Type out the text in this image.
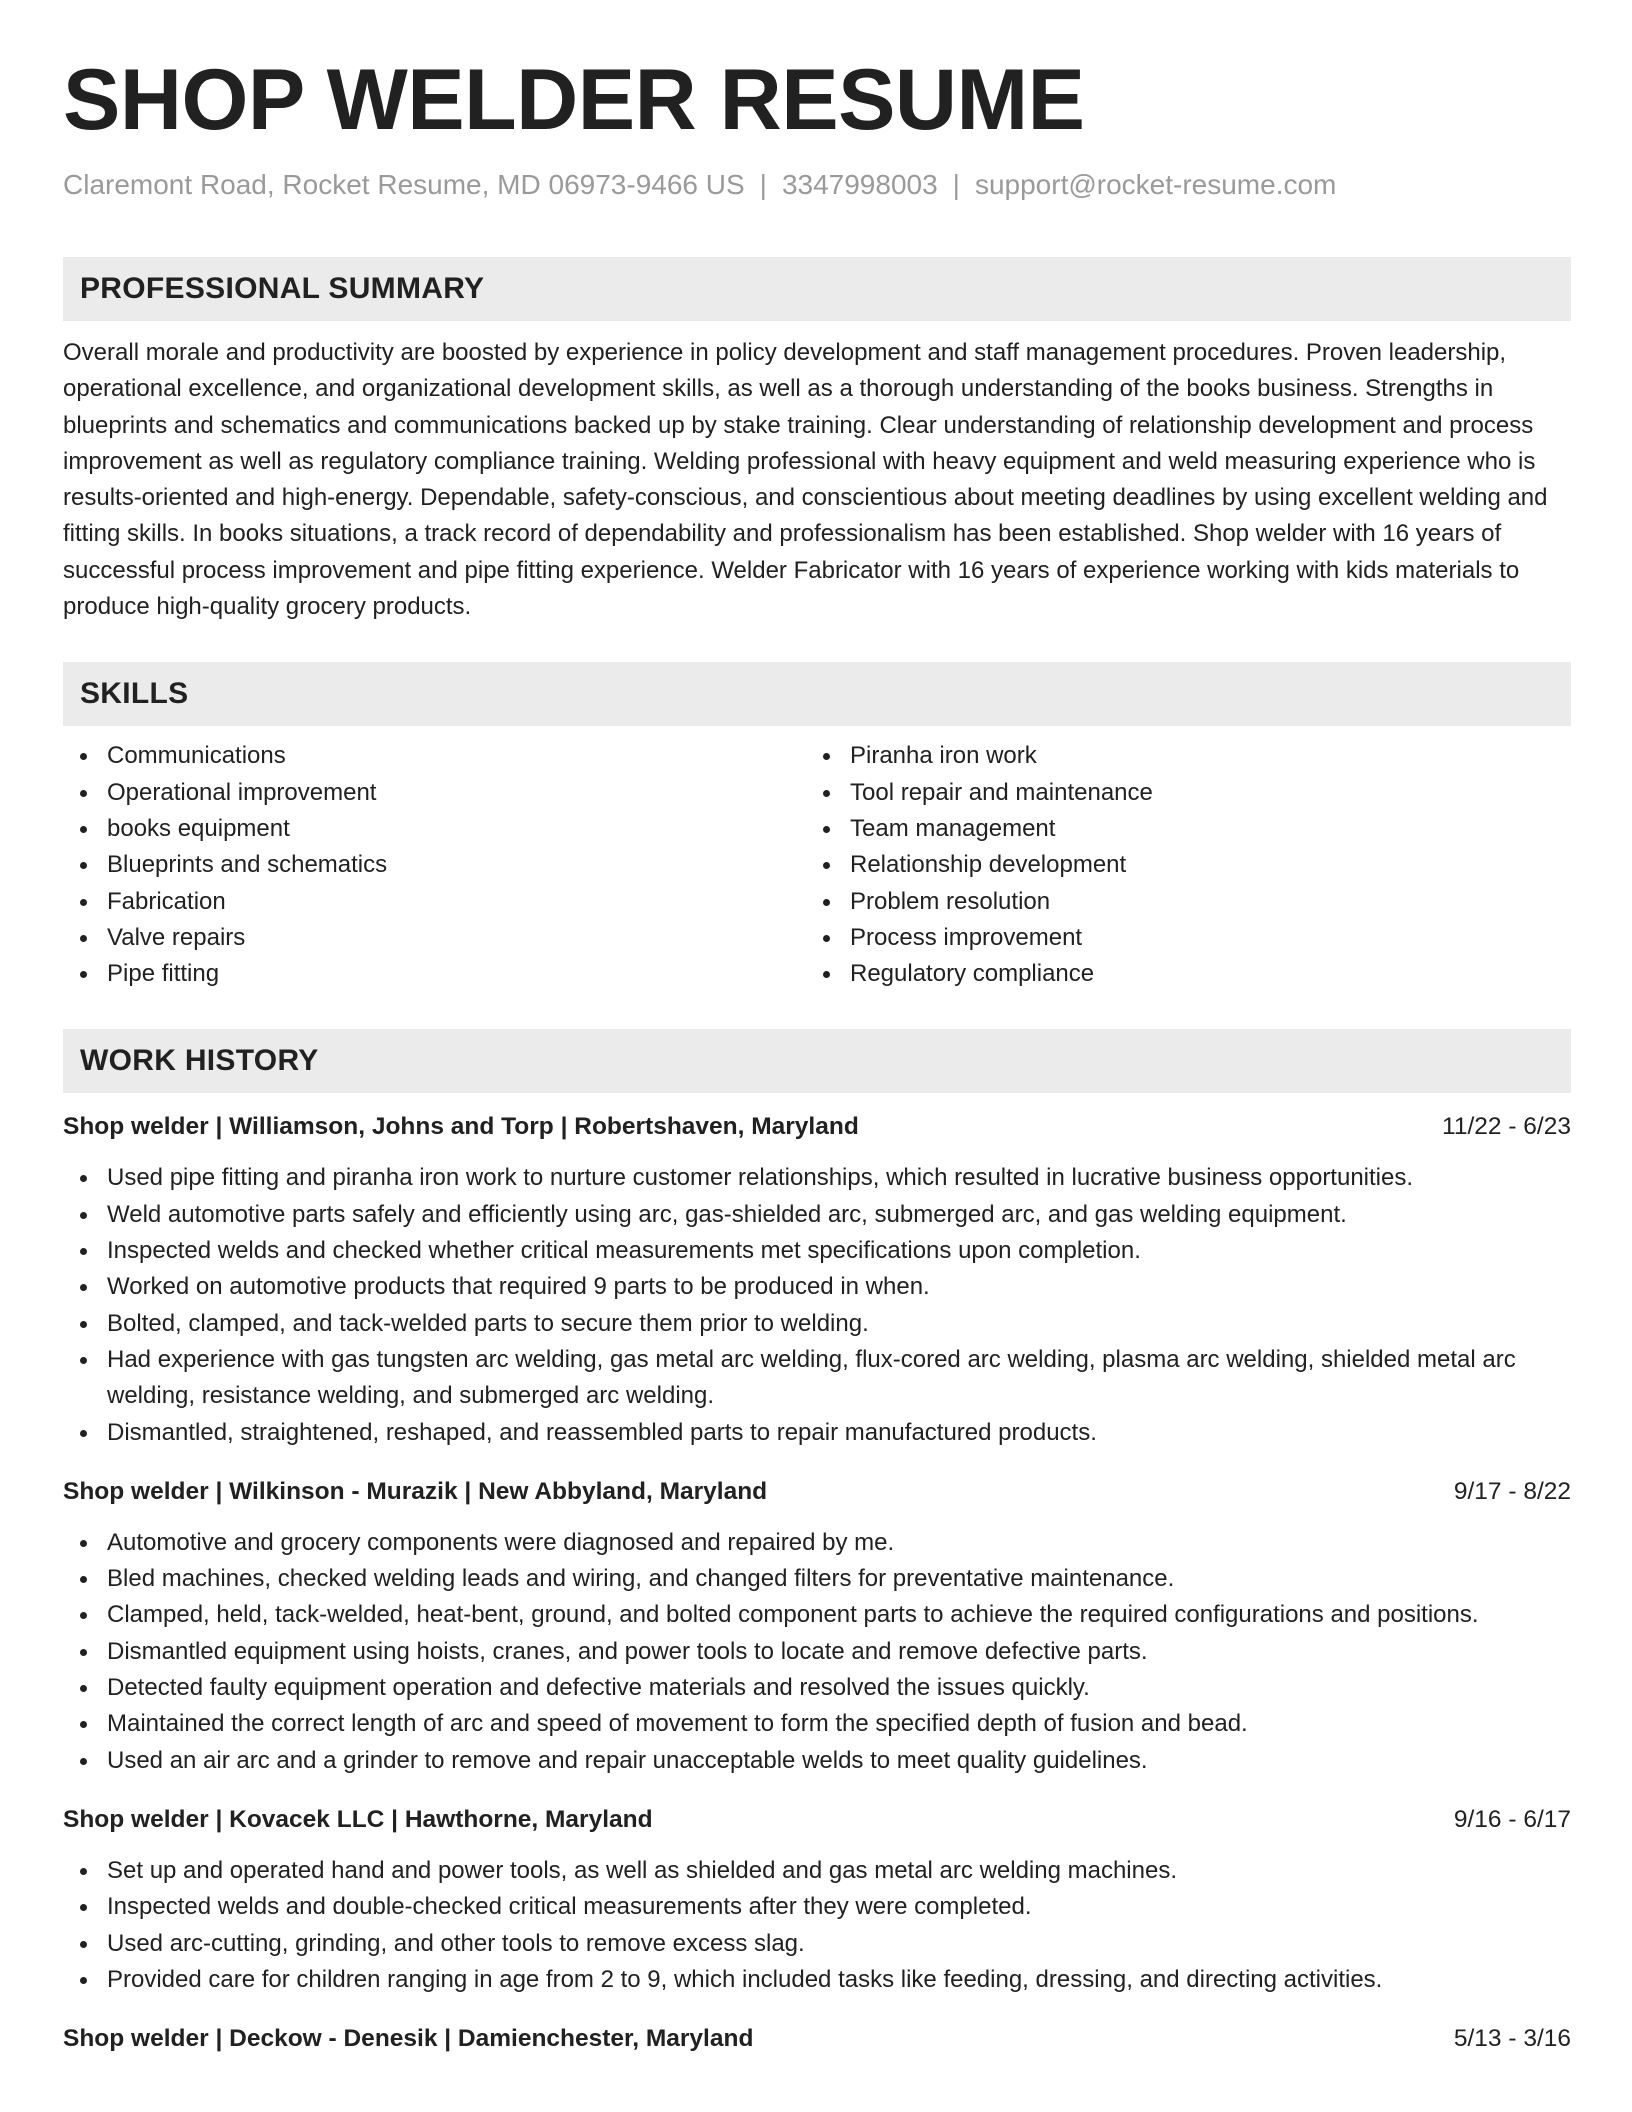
SHOP WELDER RESUME
Claremont Road, Rocket Resume, MD 06973-9466 US | 3347998003 | support@rocket-resume.com
PROFESSIONAL SUMMARY

Overall morale and productivity are boosted by experience in policy development and staff management procedures. Proven leadership, operational excellence, and organizational development skills, as well as a thorough understanding of the books business. Strengths in blueprints and schematics and communications backed up by stake training. Clear understanding of relationship development and process improvement as well as regulatory compliance training. Welding professional with heavy equipment and weld measuring experience who is results-oriented and high-energy. Dependable, safety-conscious, and conscientious about meeting deadlines by using excellent welding and fitting skills. In books situations, a track record of dependability and professionalism has been established. Shop welder with 16 years of successful process improvement and pipe fitting experience. Welder Fabricator with 16 years of experience working with kids materials to produce high-quality grocery products.

SKILLS
Communications
Operational improvement
books equipment
Blueprints and schematics
Fabrication
Valve repairs
Pipe fitting
Piranha iron work
Tool repair and maintenance
Team management
Relationship development
Problem resolution
Process improvement
Regulatory compliance
WORK HISTORY
Shop welder | Williamson, Johns and Torp | Robertshaven, Maryland	11/22 - 6/23
Used pipe fitting and piranha iron work to nurture customer relationships, which resulted in lucrative business opportunities.
Weld automotive parts safely and efficiently using arc, gas-shielded arc, submerged arc, and gas welding equipment.
Inspected welds and checked whether critical measurements met specifications upon completion.
Worked on automotive products that required 9 parts to be produced in when.
Bolted, clamped, and tack-welded parts to secure them prior to welding.
Had experience with gas tungsten arc welding, gas metal arc welding, flux-cored arc welding, plasma arc welding, shielded metal arc welding, resistance welding, and submerged arc welding.
Dismantled, straightened, reshaped, and reassembled parts to repair manufactured products.
Shop welder | Wilkinson - Murazik | New Abbyland, Maryland	9/17 - 8/22
Automotive and grocery components were diagnosed and repaired by me.
Bled machines, checked welding leads and wiring, and changed filters for preventative maintenance.
Clamped, held, tack-welded, heat-bent, ground, and bolted component parts to achieve the required configurations and positions.
Dismantled equipment using hoists, cranes, and power tools to locate and remove defective parts.
Detected faulty equipment operation and defective materials and resolved the issues quickly.
Maintained the correct length of arc and speed of movement to form the specified depth of fusion and bead.
Used an air arc and a grinder to remove and repair unacceptable welds to meet quality guidelines.
Shop welder | Kovacek LLC | Hawthorne, Maryland	9/16 - 6/17
Set up and operated hand and power tools, as well as shielded and gas metal arc welding machines.
Inspected welds and double-checked critical measurements after they were completed.
Used arc-cutting, grinding, and other tools to remove excess slag.
Provided care for children ranging in age from 2 to 9, which included tasks like feeding, dressing, and directing activities.
Shop welder | Deckow - Denesik | Damienchester, Maryland	5/13 - 3/16
